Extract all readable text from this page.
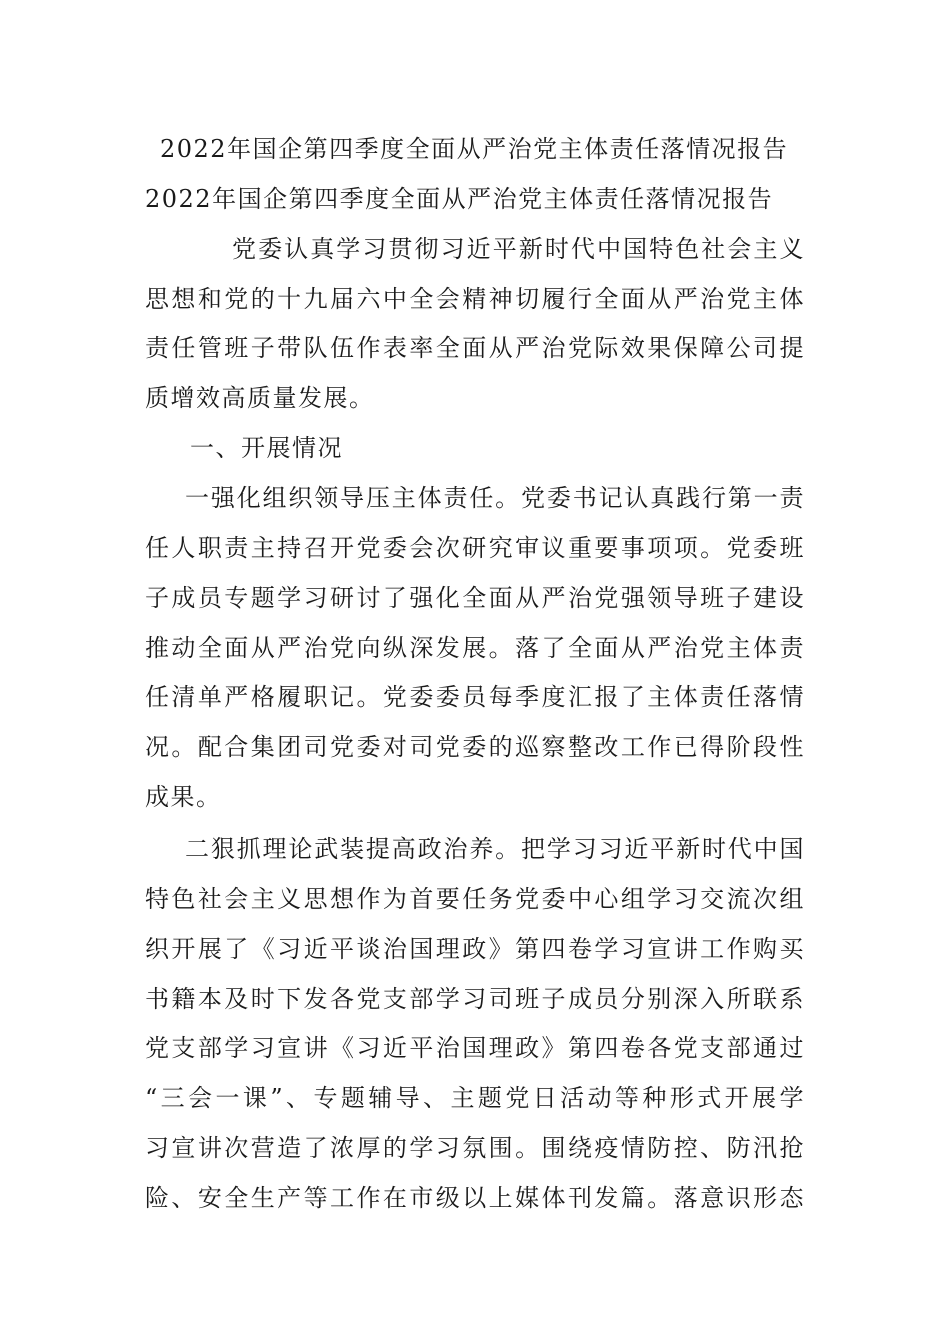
2022年国企第四季度全面从严治党主体责任落情况报告
2022年国企第四季度全面从严治党主体责任落情况报告
党委认真学习贯彻习近平新时代中国特色社会主义
思想和党的十九届六中全会精神切履行全面从严治党主体
责任管班子带队伍作表率全面从严治党际效果保障公司提
质增效高质量发展。
一、开展情况
一强化组织领导压主体责任。党委书记认真践行第一责
任人职责主持召开党委会次研究审议重要事项项。党委班
子成员专题学习研讨了强化全面从严治党强领导班子建设
推动全面从严治党向纵深发展。落了全面从严治党主体责
任清单严格履职记。党委委员每季度汇报了主体责任落情
况。配合集团司党委对司党委的巡察整改工作已得阶段性
成果。
二狠抓理论武装提高政治养。把学习习近平新时代中国
特色社会主义思想作为首要任务党委中心组学习交流次组
织开展了《习近平谈治国理政》第四卷学习宣讲工作购买
书籍本及时下发各党支部学习司班子成员分别深入所联系
党支部学习宣讲《习近平治国理政》第四卷各党支部通过
“三会一课”、专题辅导、主题党日活动等种形式开展学
习宣讲次营造了浓厚的学习氛围。围绕疫情防控、防汛抢
险、安全生产等工作在市级以上媒体刊发篇。落意识形态
